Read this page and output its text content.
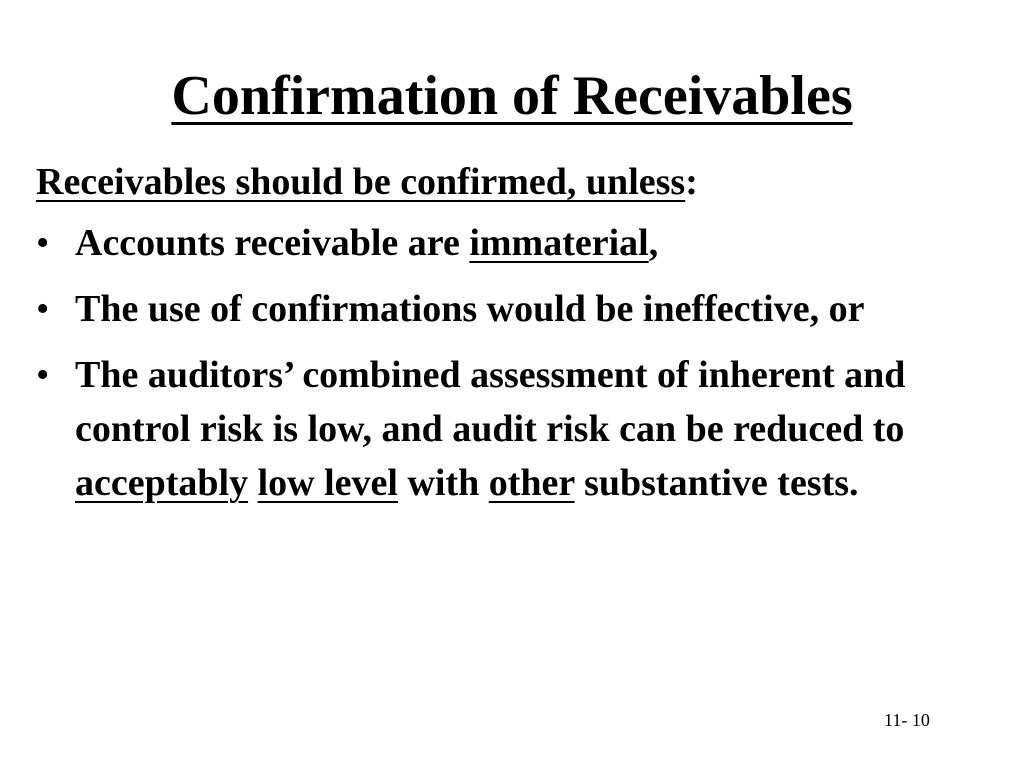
Confirmation of Receivables
Receivables should be confirmed, unless:
• Accounts receivable are immaterial,
• The use of confirmations would be ineffective, or
• The auditors’ combined assessment of inherent and control risk is low, and audit risk can be reduced to acceptably low level with other substantive tests.
11- 10
